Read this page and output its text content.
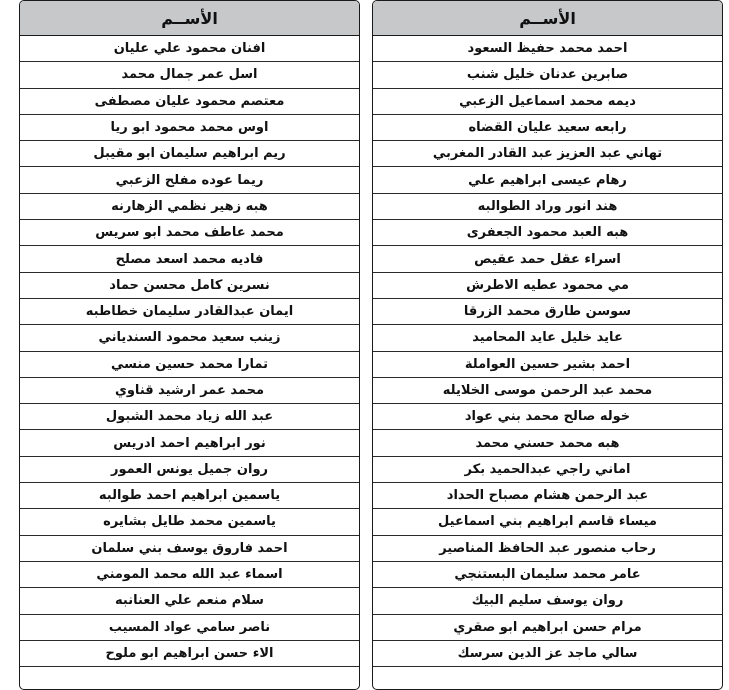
الأســم
احمد محمد حفيظ السعود
صابرين عدنان خليل شنب
ديمه محمد اسماعيل الزعبي
رابعه سعيد عليان القضاه
تهاني عبد العزيز عبد القادر المغربي
رهام عيسى ابراهيم علي
هند انور وراد الطوالبه
هبه العبد محمود الجعفرى
اسراء عقل حمد عقيص
مي محمود عطيه الاطرش
سوسن طارق محمد الزرقا
عايد خليل عايد المحاميد
احمد بشير حسين العواملة
محمد عبد الرحمن موسى الخلايله
خوله صالح محمد بني عواد
هبه محمد حسني محمد
اماني راجي عبدالحميد بكر
عبد الرحمن هشام مصباح الحداد
ميساء قاسم ابراهيم بني اسماعيل
رحاب منصور عبد الحافظ المناصير
عامر محمد سليمان البستنجي
روان يوسف سليم البيك
مرام حسن ابراهيم ابو صقري
سالي ماجد عز الدين سرسك
الأســم
افنان محمود علي عليان
اسل عمر جمال محمد
معتصم محمود عليان مصطفى
اوس محمد محمود ابو ريا
ريم ابراهيم سليمان ابو مقيبل
ريما عوده مفلح الزعبي
هبه زهير نظمي الزهارنه
محمد عاطف محمد ابو سريس
فاديه محمد اسعد مصلح
نسرين كامل محسن حماد
ايمان عبدالقادر سليمان خطاطبه
زينب سعيد محمود السندياني
تمارا محمد حسين منسي
محمد عمر ارشيد قناوي
عبد الله زياد محمد الشبول
نور ابراهيم احمد ادريس
روان جميل يونس العمور
ياسمين ابراهيم احمد طوالبه
ياسمين محمد طايل بشايره
احمد فاروق يوسف بني سلمان
اسماء عبد الله محمد المومني
سلام منعم علي العنانبه
ناصر سامي عواد المسيب
الاء حسن ابراهيم ابو ملوح
